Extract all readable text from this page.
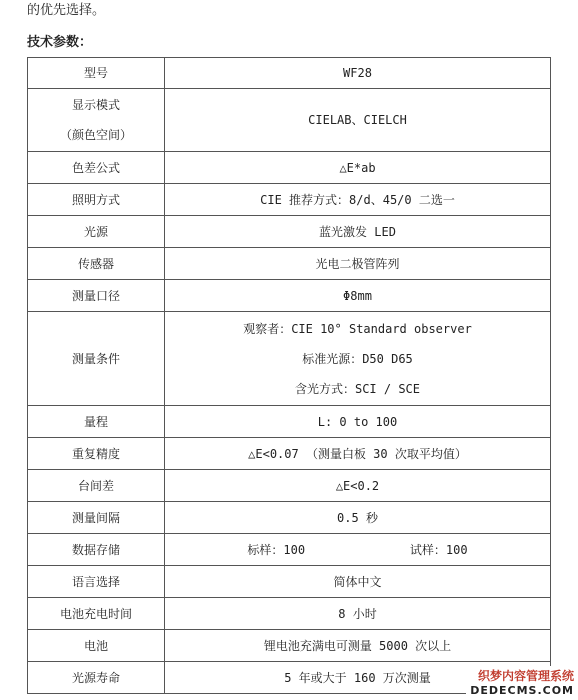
的优先选择。
技术参数：
型号	WF28

显示模式
（颜色空间）	CIELAB、CIELCH
色差公式	△E*ab
照明方式	CIE 推荐方式：8/d、45/0 二选一
光源	蓝光激发 LED
传感器	光电二极管阵列
测量口径	Φ8mm
测量条件	观察者：CIE 10° Standard observer
标准光源：D50 D65
含光方式：SCI / SCE

量程	L: 0 to 100
重复精度	△E<0.07 （测量白板 30 次取平均值）
台间差	△E<0.2
测量间隔	0.5 秒
数据存储	标样：100 试样：100

语言选择	简体中文
电池充电时间	8 小时
电池	锂电池充满电可测量 5000 次以上
光源寿命	5 年或大于 160 万次测量	织梦内容管理系统
DEDECMS.COM
